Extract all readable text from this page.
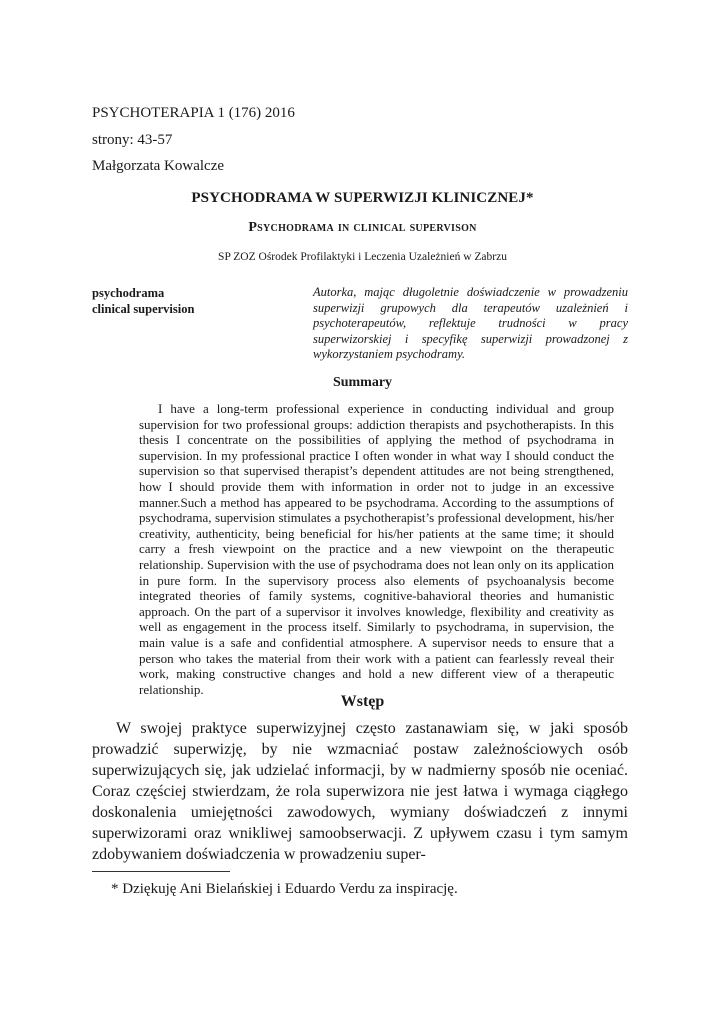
PSYCHOTERAPIA 1 (176) 2016
strony: 43-57
Małgorzata Kowalcze
PSYCHODRAMA W SUPERWIZJI KLINICZNEJ*
Psychodrama in clinical supervison
SP ZOZ Ośrodek Profilaktyki i Leczenia Uzależnień w Zabrzu
psychodrama
clinical supervision
Autorka, mając długoletnie doświadczenie w prowadzeniu superwizji grupowych dla terapeutów uzależnień i psychoterapeutów, reflektuje trudności w pracy superwizorskiej i specyfikę superwizji prowadzonej z wykorzystaniem psychodramy.
Summary
I have a long-term professional experience in conducting individual and group supervision for two professional groups: addiction therapists and psychotherapists. In this thesis I concentrate on the possibilities of applying the method of psychodrama in supervision. In my professional practice I often wonder in what way I should conduct the supervision so that supervised therapist’s dependent attitudes are not being strengthened, how I should provide them with information in order not to judge in an excessive manner.Such a method has appeared to be psychodrama. According to the assumptions of psychodrama, supervision stimulates a psychotherapist’s professional development, his/her creativity, authenticity, being beneficial for his/her patients at the same time; it should carry a fresh viewpoint on the practice and a new viewpoint on the therapeutic relationship. Supervision with the use of psychodrama does not lean only on its application in pure form. In the supervisory process also elements of psychoanalysis become integrated theories of family systems, cognitive-bahavioral theories and humanistic approach. On the part of a supervisor it involves knowledge, flexibility and creativity as well as engagement in the process itself. Similarly to psychodrama, in supervision, the main value is a safe and confidential atmosphere. A supervisor needs to ensure that a person who takes the material from their work with a patient can fearlessly reveal their work, making constructive changes and hold a new different view of a therapeutic relationship.
Wstęp
W swojej praktyce superwizyjnej często zastanawiam się, w jaki sposób prowadzić superwizję, by nie wzmacniać postaw zależnościowych osób superwizujących się, jak udzielać informacji, by w nadmierny sposób nie oceniać. Coraz częściej stwierdzam, że rola superwizora nie jest łatwa i wymaga ciągłego doskonalenia umiejętności zawodowych, wymiany doświadczeń z innymi superwizorami oraz wnikliwej samoobserwacji. Z upływem czasu i tym samym zdobywaniem doświadczenia w prowadzeniu super-
* Dziękuję Ani Bielańskiej i Eduardo Verdu za inspirację.
